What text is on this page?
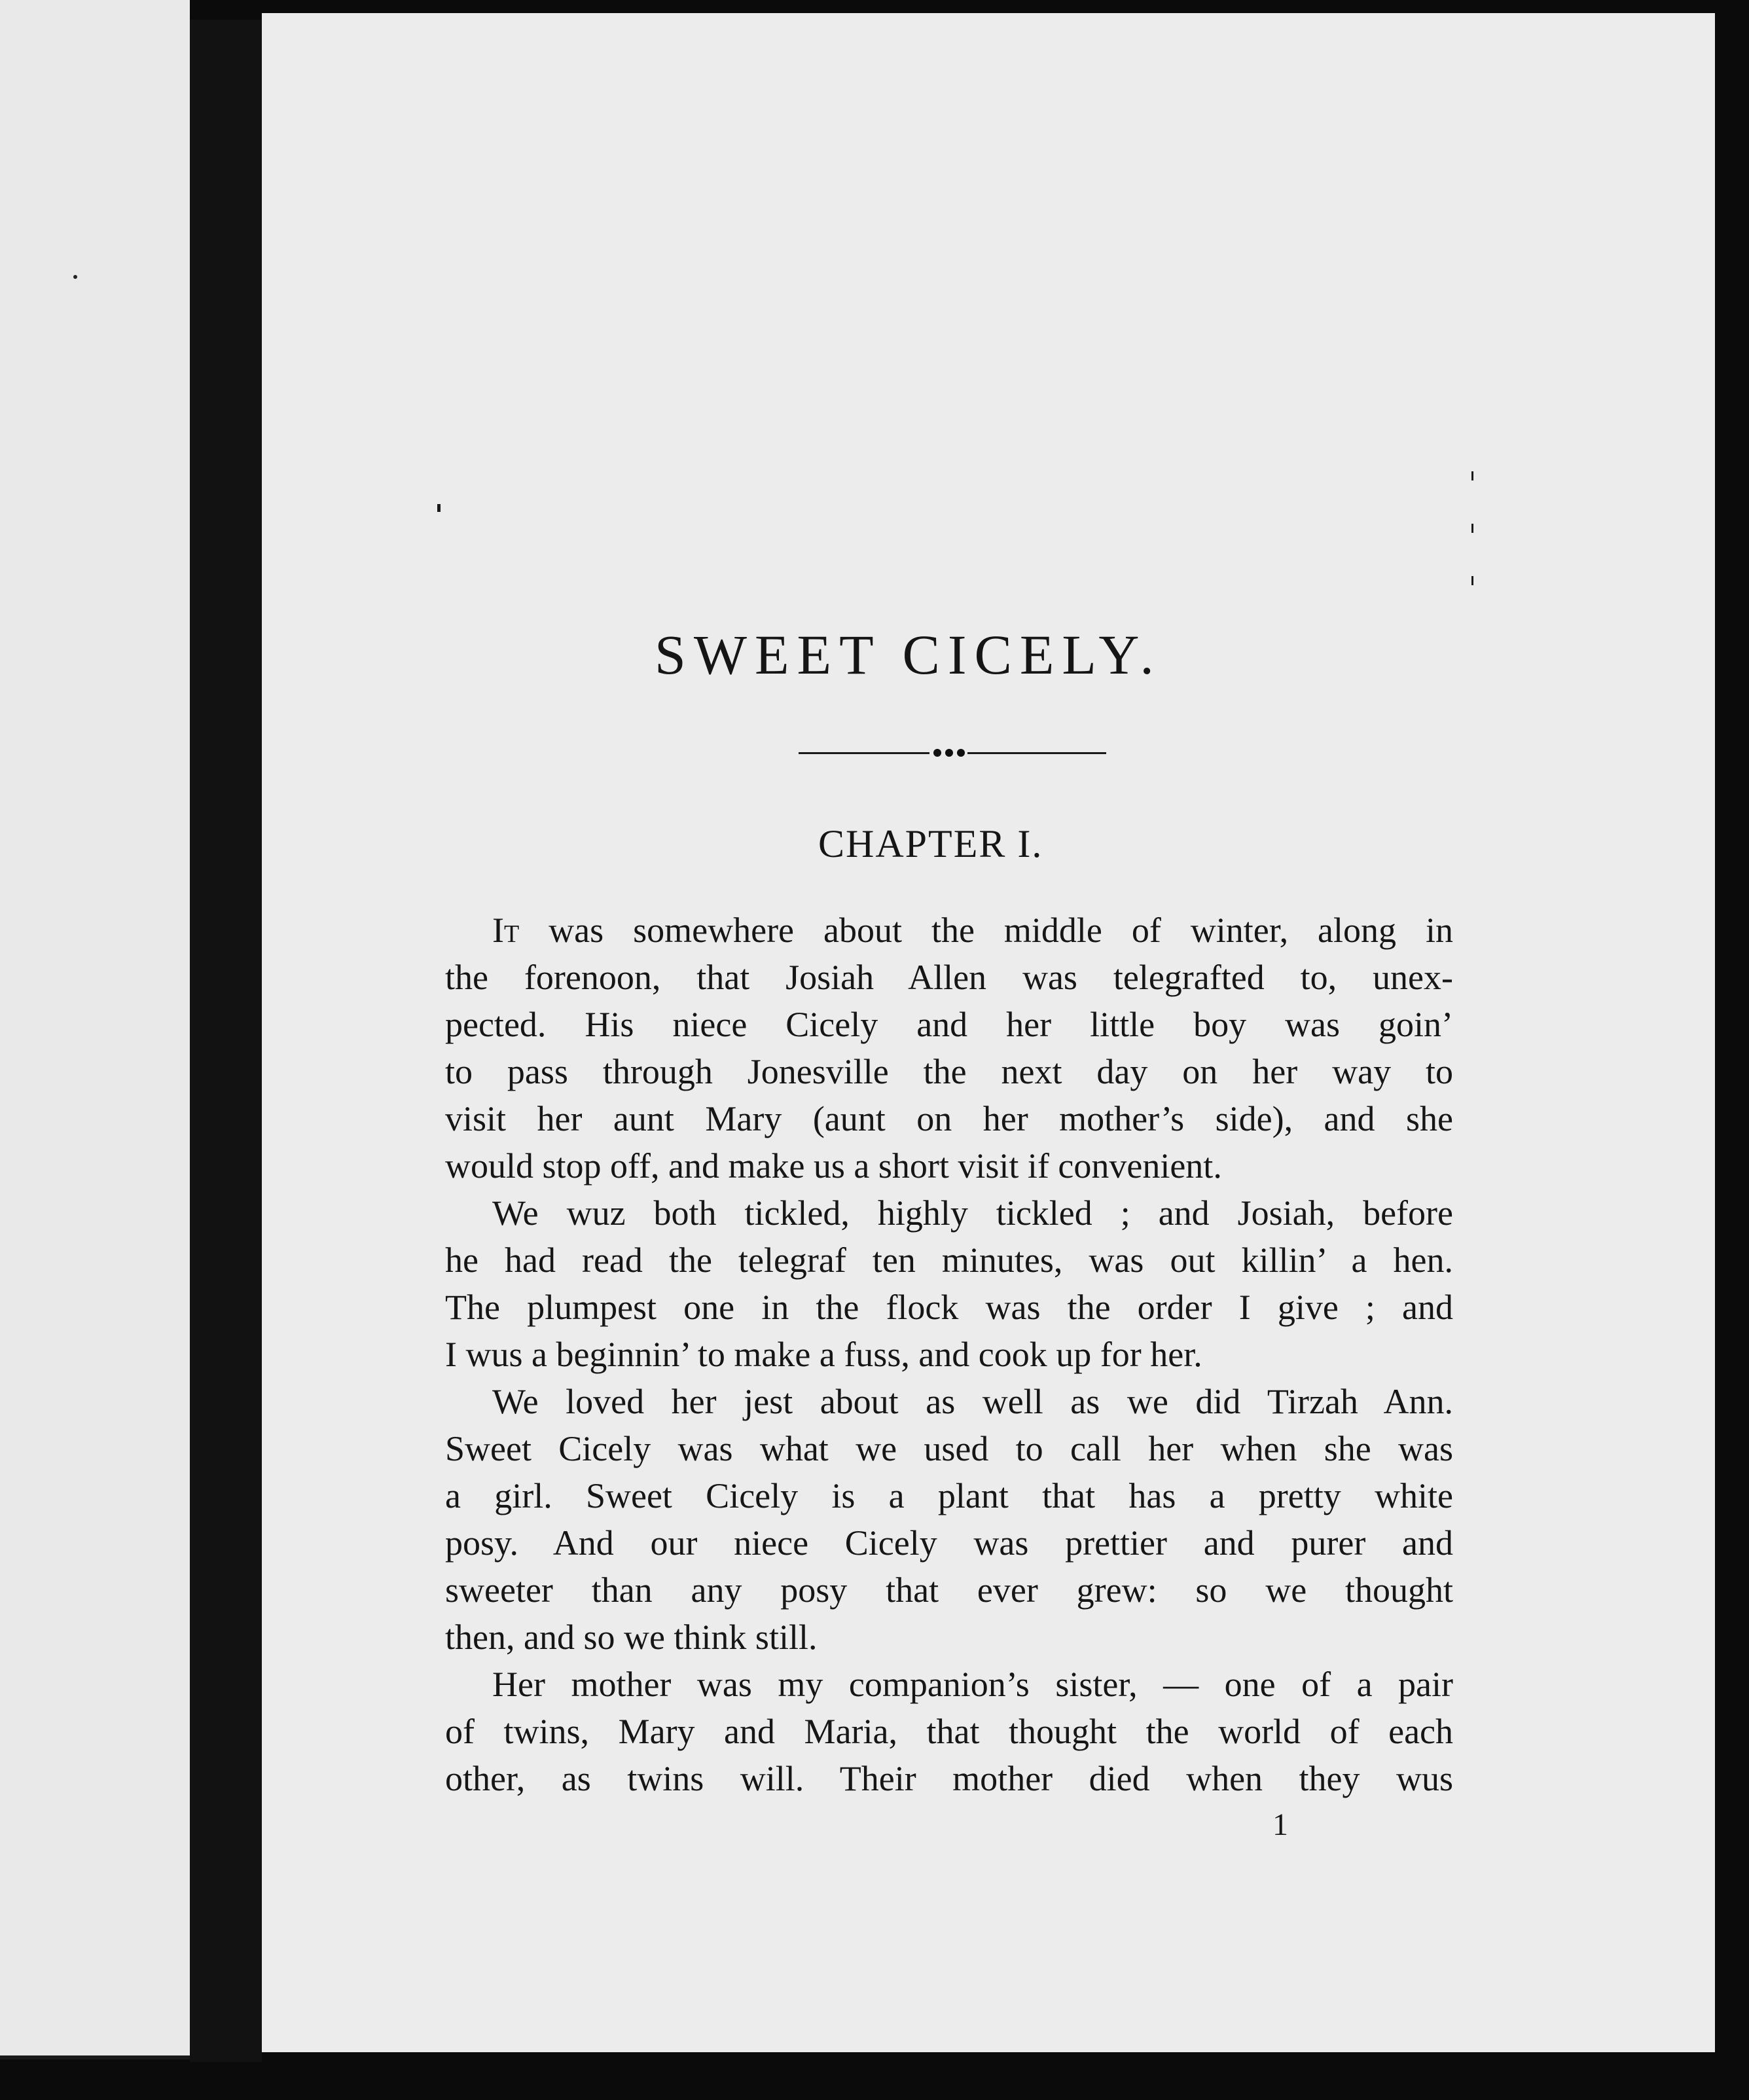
SWEET CICELY.
CHAPTER I.
It was somewhere about the middle of winter, along in
the forenoon, that Josiah Allen was telegrafted to, unex-
pected. His niece Cicely and her little boy was goin’
to pass through Jonesville the next day on her way to
visit her aunt Mary (aunt on her mother’s side), and she
would stop off, and make us a short visit if convenient.
We wuz both tickled, highly tickled ; and Josiah, before
he had read the telegraf ten minutes, was out killin’ a hen.
The plumpest one in the flock was the order I give ; and
I wus a beginnin’ to make a fuss, and cook up for her.
We loved her jest about as well as we did Tirzah Ann.
Sweet Cicely was what we used to call her when she was
a girl. Sweet Cicely is a plant that has a pretty white
posy. And our niece Cicely was prettier and purer and
sweeter than any posy that ever grew: so we thought
then, and so we think still.
Her mother was my companion’s sister, — one of a pair
of twins, Mary and Maria, that thought the world of each
other, as twins will. Their mother died when they wus
1
